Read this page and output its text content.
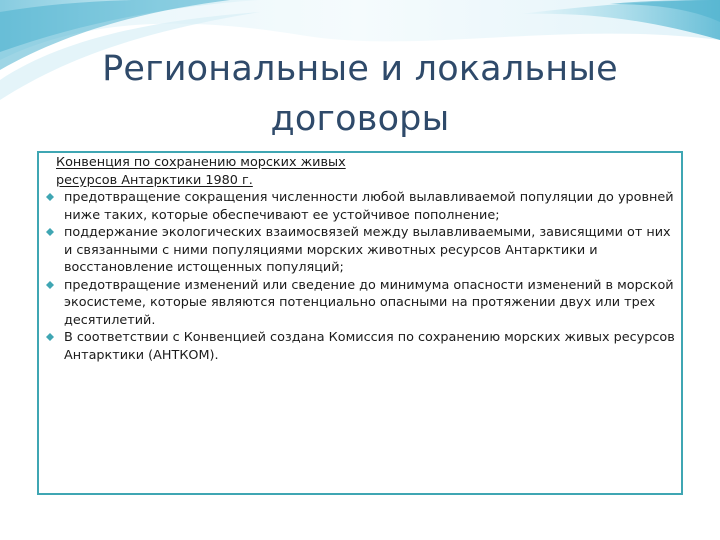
Региональные и локальные
договоры

Конвенция по сохранению морских живых
ресурсов Антарктики 1980 г.

предотвращение сокращения численности любой вылавливаемой популяции до уровней ниже таких, которые обеспечивают ее устойчивое пополнение;
поддержание экологических взаимосвязей между вылавливаемыми, зависящими от них и связанными с ними популяциями морских животных ресурсов Антарктики и восстановление истощенных популяций;
предотвращение изменений или сведение до минимума опасности изменений в морской экосистеме, которые являются потенциально опасными на протяжении двух или трех десятилетий.
В соответствии с Конвенцией создана Комиссия по сохранению морских живых ресурсов Антарктики (АНТКОМ).
